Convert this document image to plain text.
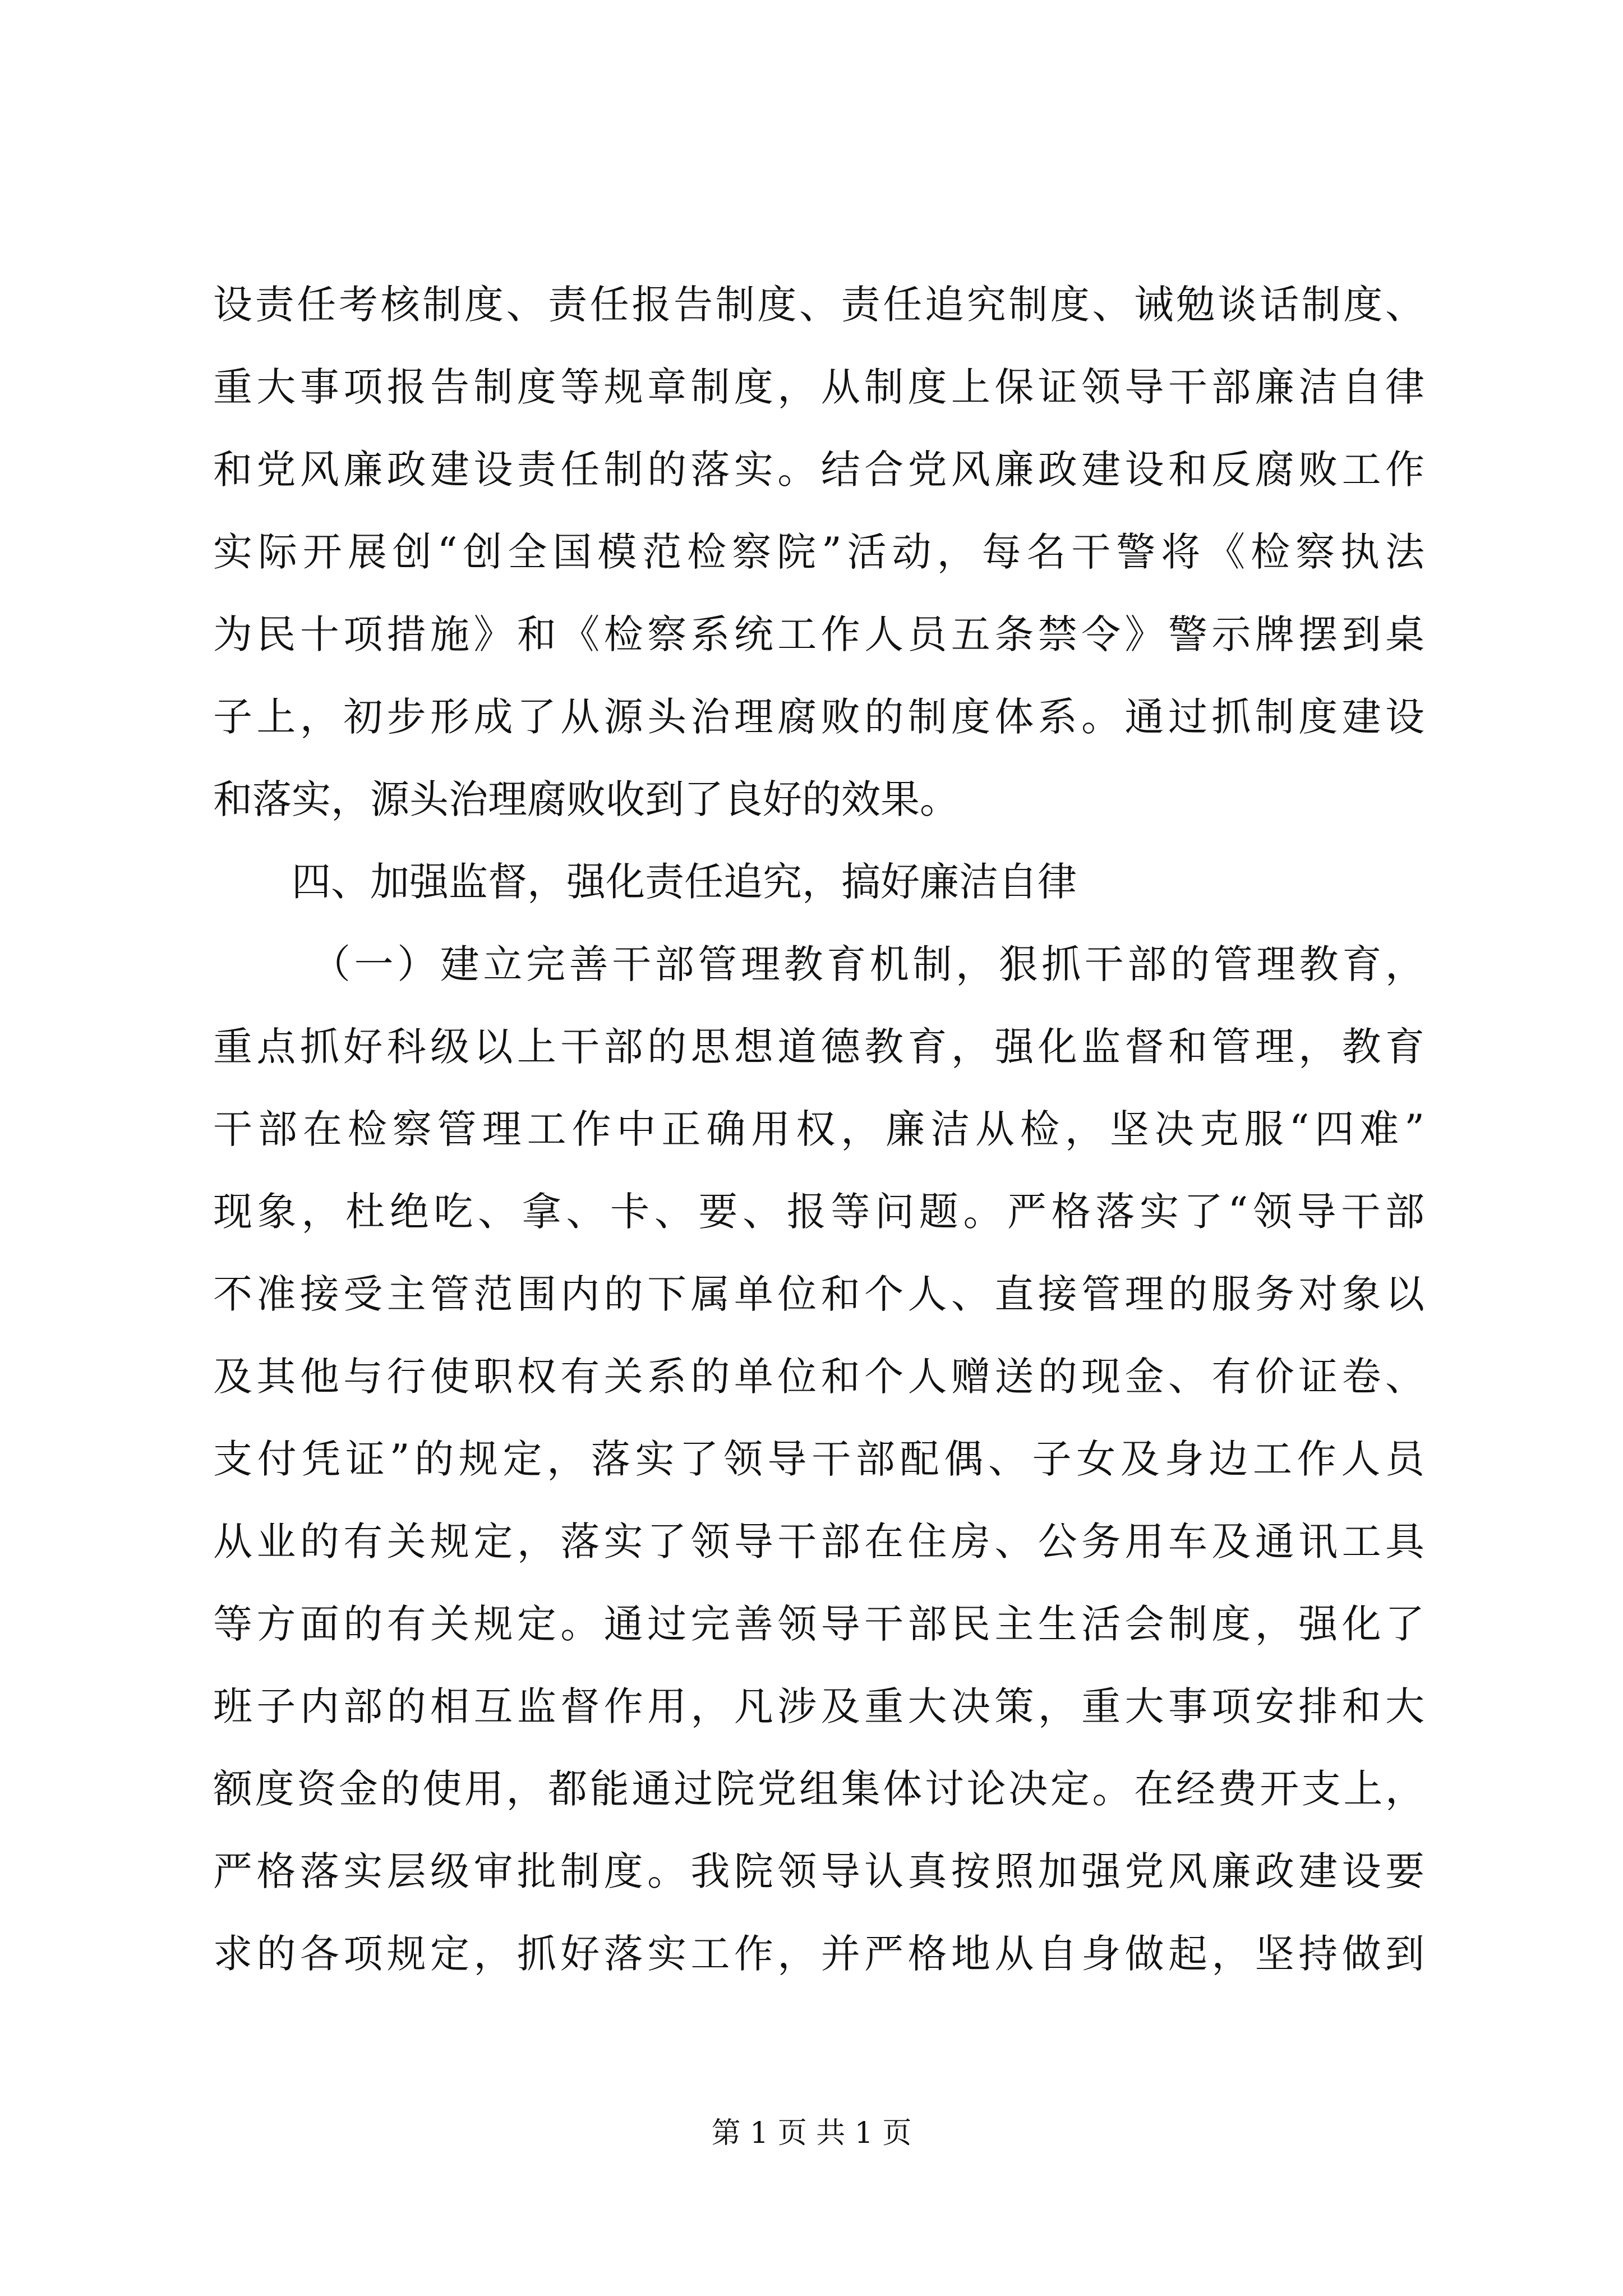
设责任考核制度、责任报告制度、责任追究制度、诫勉谈话制度、
重大事项报告制度等规章制度，从制度上保证领导干部廉洁自律
和党风廉政建设责任制的落实。结合党风廉政建设和反腐败工作
实际开展创“创全国模范检察院”活动，每名干警将《检察执法
为民十项措施》和《检察系统工作人员五条禁令》警示牌摆到桌
子上，初步形成了从源头治理腐败的制度体系。通过抓制度建设
和落实，源头治理腐败收到了良好的效果。
四、加强监督，强化责任追究，搞好廉洁自律
（一）建立完善干部管理教育机制，狠抓干部的管理教育，
重点抓好科级以上干部的思想道德教育，强化监督和管理，教育
干部在检察管理工作中正确用权，廉洁从检，坚决克服“四难”
现象，杜绝吃、拿、卡、要、报等问题。严格落实了“领导干部
不准接受主管范围内的下属单位和个人、直接管理的服务对象以
及其他与行使职权有关系的单位和个人赠送的现金、有价证卷、
支付凭证”的规定，落实了领导干部配偶、子女及身边工作人员
从业的有关规定，落实了领导干部在住房、公务用车及通讯工具
等方面的有关规定。通过完善领导干部民主生活会制度，强化了
班子内部的相互监督作用，凡涉及重大决策，重大事项安排和大
额度资金的使用，都能通过院党组集体讨论决定。在经费开支上，
严格落实层级审批制度。我院领导认真按照加强党风廉政建设要
求的各项规定，抓好落实工作，并严格地从自身做起，坚持做到
第 1 页 共 1 页
